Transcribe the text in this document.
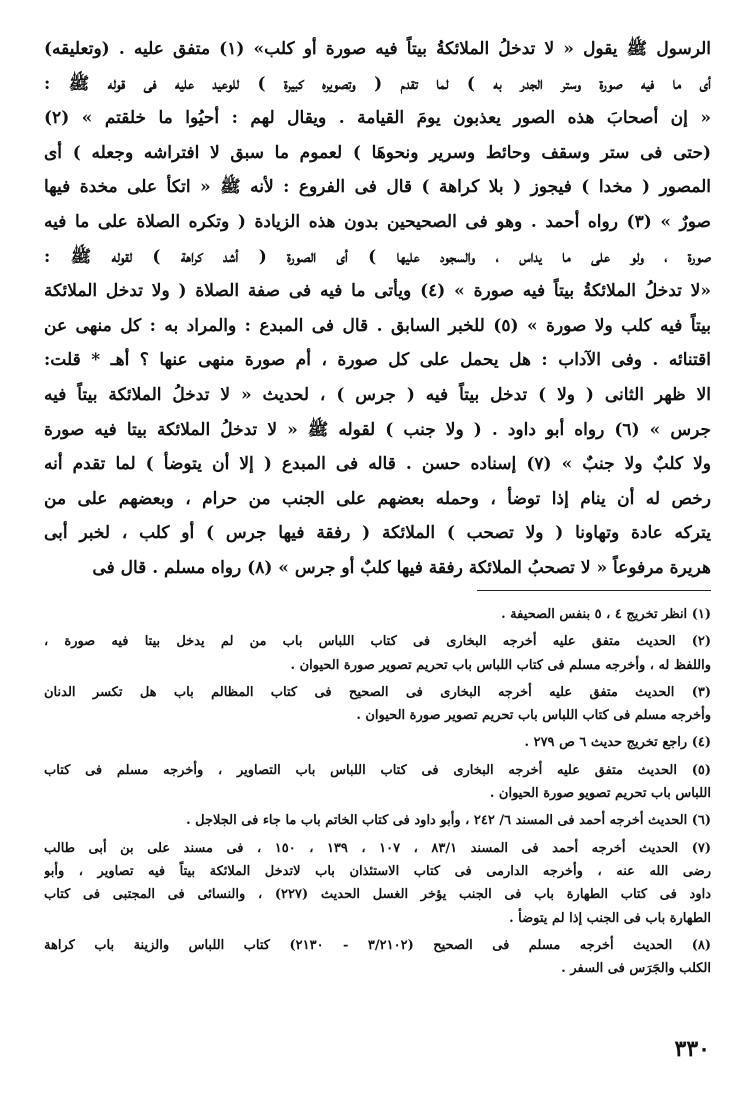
الرسول ﷺ يقول « لا تدخلُ الملائكةُ بيتاً فيه صورة أو كلب» (١) متفق عليه . (وتعليقه)
أى ما فيه صورة وستر الجدر به ) لما تقدم ( وتصويره كبيرة ) للوعيد عليه فى قوله ﷺ :
« إن أصحابَ هذه الصور يعذبون يومَ القيامة . ويقال لهم : أحيُوا ما خلقتم » (٢)
(حتى فى ستر وسقف وحائط وسرير ونحوهَا ) لعموم ما سبق لا افتراشه وجعله ) أى
المصور ( مخدا ) فيجوز ( بلا كراهة ) قال فى الفروع : لأنه ﷺ « اتكأ على مخدة فيها
صورٌ » (٣) رواه أحمد . وهو فى الصحيحين بدون هذه الزيادة ( وتكره الصلاة على ما فيه
صورة ، ولو على ما يداس ، والسجود عليها ) أى الصورة ( أشد كراهة ) لقوله ﷺ :
«لا تدخلُ الملائكةُ بيتاً فيه صورة » (٤) ويأتى ما فيه فى صفة الصلاة ( ولا تدخل الملائكة
بيتاً فيه كلب ولا صورة » (٥) للخبر السابق . قال فى المبدع : والمراد به : كل منهى عن
اقتنائه . وفى الآداب : هل يحمل على كل صورة ، أم صورة منهى عنها ؟ أهـ * قلت:
الا ظهر الثانى ( ولا ) تدخل بيتاً فيه ( جرس ) ، لحديث « لا تدخلُ الملائكة بيتاً فيه
جرس » (٦) رواه أبو داود . ( ولا جنب ) لقوله ﷺ « لا تدخلُ الملائكة بيتا فيه صورة
ولا كلبٌ ولا جنبٌ » (٧) إسناده حسن . قاله فى المبدع ( إلا أن يتوضأ ) لما تقدم أنه
رخص له أن ينام إذا توضأ ، وحمله بعضهم على الجنب من حرام ، وبعضهم على من
يتركه عادة وتهاونا ( ولا تصحب ) الملائكة ( رفقة فيها جرس ) أو كلب ، لخبر أبى
هريرة مرفوعاً « لا تصحبُ الملائكة رفقة فيها كلبٌ أو جرس » (٨) رواه مسلم . قال فى
(١) انظر تخريج ٤ ، ٥ بنفس الصحيفة .
(٢) الحديث متفق عليه أخرجه البخارى فى كتاب اللباس باب من لم يدخل بيتا فيه صورة ،
واللفظ له ، وأخرجه مسلم فى كتاب اللباس باب تحريم تصوير صورة الحيوان .
(٣) الحديث متفق عليه أخرجه البخارى فى الصحيح فى كتاب المظالم باب هل تكسر الدنان
وأخرجه مسلم فى كتاب اللباس باب تحريم تصوير صورة الحيوان .
(٤) راجع تخريج حديث ٦ ص ٢٧٩ .
(٥) الحديث متفق عليه أخرجه البخارى فى كتاب اللباس باب التصاوير ، وأخرجه مسلم فى كتاب
اللباس باب تحريم تصويو صورة الحيوان .
(٦) الحديث أخرجه أحمد فى المسند ٦/ ٢٤٢ ، وأبو داود فى كتاب الخاتم باب ما جاء فى الجلاجل .
(٧) الحديث أخرجه أحمد فى المسند ٨٣/١ ، ١٠٧ ، ١٣٩ ، ١٥٠ ، فى مسند على بن أبى طالب
رضى الله عنه ، وأخرجه الدارمى فى كتاب الاستئذان باب لاتدخل الملائكة بيتاً فيه تصاوير ، وأبو
داود فى كتاب الطهارة باب فى الجنب يؤخر الغسل الحديث (٢٢٧) ، والنسائى فى المجتبى فى كتاب
الطهارة باب فى الجنب إذا لم يتوضأ .
(٨) الحديث أخرجه مسلم فى الصحيح (٣/٢١٠٢ - ٢١٣٠) كتاب اللباس والزينة باب كراهة
الكلب والجَرَس فى السفر .
٣٣٠
